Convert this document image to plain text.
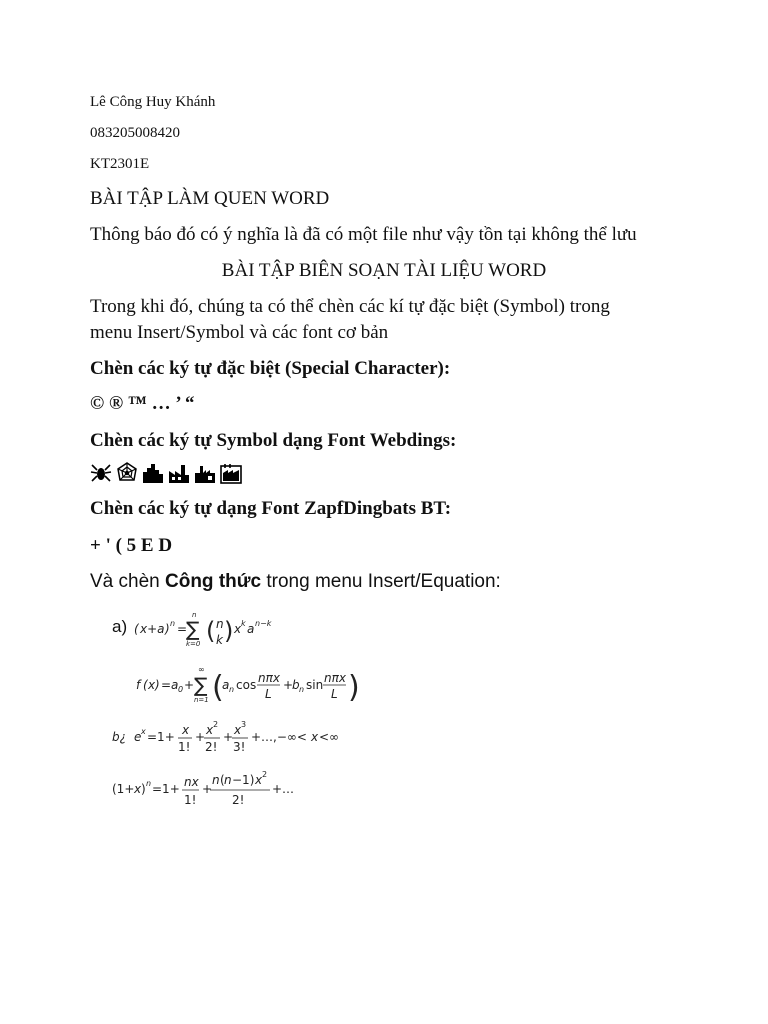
Lê Công Huy Khánh
083205008420
KT2301E
BÀI TẬP LÀM QUEN WORD
Thông báo đó có ý nghĩa là đã có một file như vậy tồn tại không thể lưu
BÀI TẬP BIÊN SOẠN TÀI LIỆU WORD
Trong khi đó, chúng ta có thể chèn các kí tự đặc biệt (Symbol) trong
menu Insert/Symbol và các font cơ bản
Chèn các ký tự đặc biệt (Special Character):
© ® ™ … ’ “
Chèn các ký tự Symbol dạng Font Webdings:
Chèn các ký tự dạng Font ZapfDingbats BT:
+ ' ( 5 E D
Và chèn Công thức trong menu Insert/Equation:
a) ( x+a ) n =
∑
n
k=0 ( n
k ) x k a n−k
f ( x ) = a 0 + ∑
∞
n=1 (
a n cos nπx
L
+
b n sin nπx
L )
b¿ e x =1+ x
1!
+ x 2
2!
+ x 3
3!
+…,−∞< x <∞
(1+ x ) n =1+ nx
1!
+
n ( n −1) x 2
2!
+…
